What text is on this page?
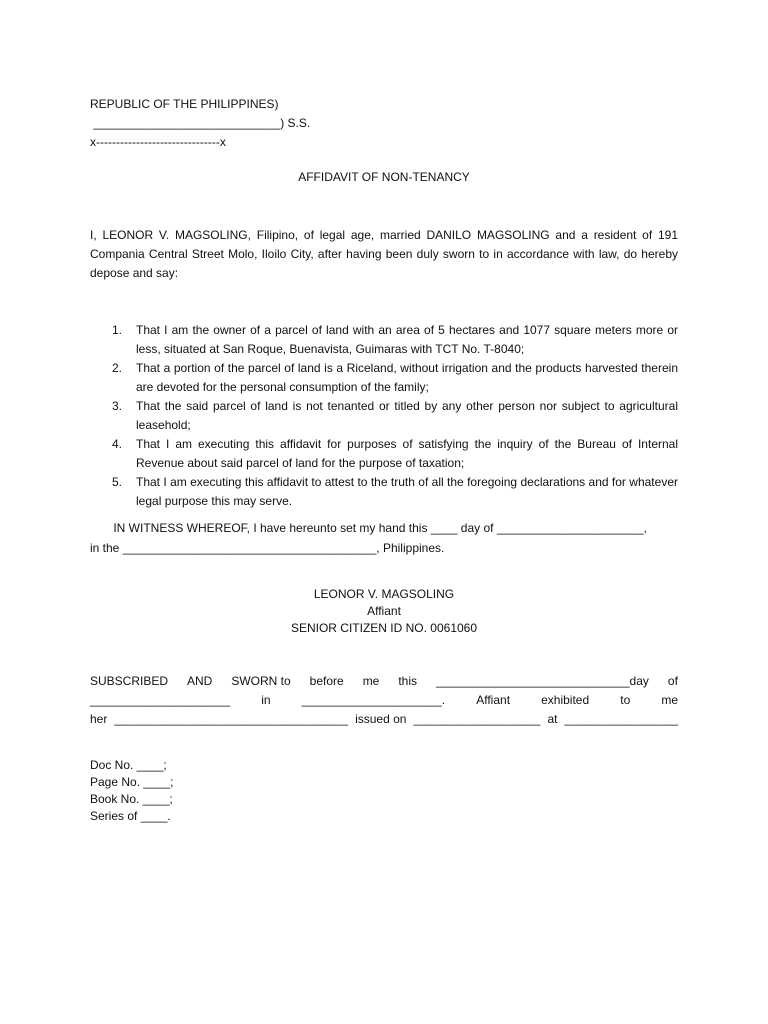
REPUBLIC OF THE PHILIPPINES)
____________________________) S.S.
x-------------------------------x
AFFIDAVIT OF NON-TENANCY

I, LEONOR V. MAGSOLING, Filipino, of legal age, married DANILO MAGSOLING and a resident of 191 Compania Central Street Molo, Iloilo City, after having been duly sworn to in accordance with law, do hereby depose and say:

1. That I am the owner of a parcel of land with an area of 5 hectares and 1077 square meters more or less, situated at San Roque, Buenavista, Guimaras with TCT No. T-8040;
2. That a portion of the parcel of land is a Riceland, without irrigation and the products harvested therein are devoted for the personal consumption of the family;
3. That the said parcel of land is not tenanted or titled by any other person nor subject to agricultural leasehold;
4. That I am executing this affidavit for purposes of satisfying the inquiry of the Bureau of Internal Revenue about said parcel of land for the purpose of taxation;
5. That I am executing this affidavit to attest to the truth of all the foregoing declarations and for whatever legal purpose this may serve.
IN WITNESS WHEREOF, I have hereunto set my hand this ____ day of ______________________,
in the ______________________________________, Philippines.
LEONOR V. MAGSOLING
Affiant
SENIOR CITIZEN ID NO. 0061060
SUBSCRIBED AND SWORN to before me this _____________________________day of
_____________________	in	_____________________.	Affiant	exhibited	to	me
her ___________________________________ issued on ___________________ at _________________
Doc No. ____;
Page No. ____;
Book No. ____;
Series of ____.
